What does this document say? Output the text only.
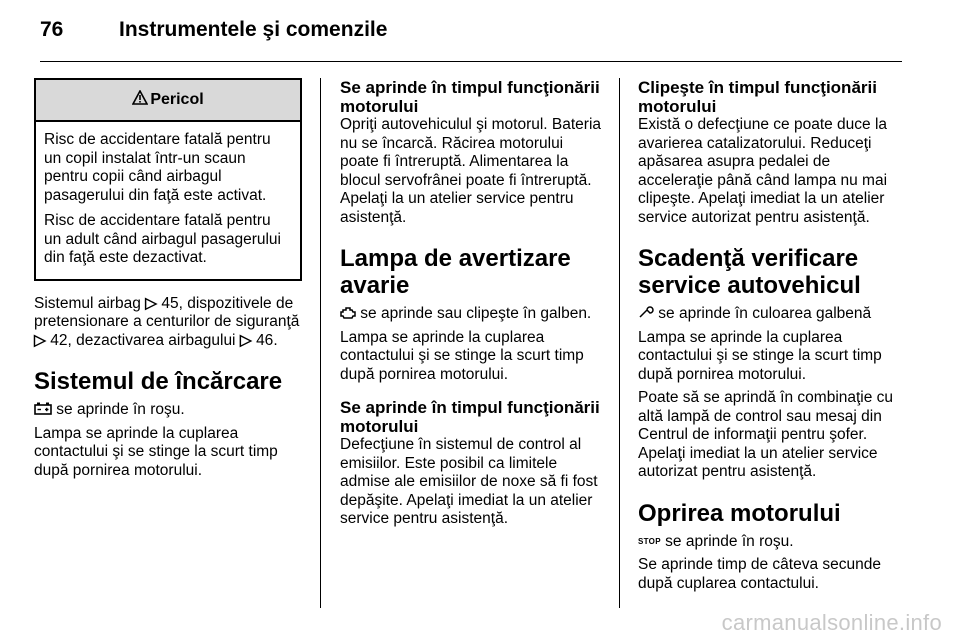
76	Instrumentele şi comenzile
Pericol

Risc de accidentare fatală pentru un copil instalat într-un scaun pentru copii când airbagul pasagerului din faţă este activat.

Risc de accidentare fatală pentru un adult când airbagul pasagerului din faţă este dezactivat.

Sistemul airbag ▷ 45, dispozitivele de pretensionare a centurilor de siguranţă ▷ 42, dezactivarea airbagului ▷ 46.

Sistemul de încărcare

se aprinde în roşu.

Lampa se aprinde la cuplarea contactului şi se stinge la scurt timp după pornirea motorului.

Se aprinde în timpul funcţionării motorului

Opriţi autovehiculul şi motorul. Bateria nu se încarcă. Răcirea motorului poate fi întreruptă. Alimentarea la blocul servofrânei poate fi întreruptă. Apelaţi la un atelier service pentru asistenţă.

Lampa de avertizare avarie

se aprinde sau clipeşte în galben.

Lampa se aprinde la cuplarea contactului şi se stinge la scurt timp după pornirea motorului.

Se aprinde în timpul funcţionării motorului

Defecţiune în sistemul de control al emisiilor. Este posibil ca limitele admise ale emisiilor de noxe să fi fost depăşite. Apelaţi imediat la un atelier service pentru asistenţă.

Clipeşte în timpul funcţionării motorului

Există o defecţiune ce poate duce la avarierea catalizatorului. Reduceţi apăsarea asupra pedalei de acceleraţie până când lampa nu mai clipeşte. Apelaţi imediat la un atelier service autorizat pentru asistenţă.

Scadenţă verificare service autovehicul

se aprinde în culoarea galbenă

Lampa se aprinde la cuplarea contactului şi se stinge la scurt timp după pornirea motorului.

Poate să se aprindă în combinaţie cu altă lampă de control sau mesaj din Centrul de informaţii pentru şofer. Apelaţi imediat la un atelier service autorizat pentru asistenţă.

Oprirea motorului

STOP se aprinde în roşu.

Se aprinde timp de câteva secunde după cuplarea contactului.

carmanualsonline.info
